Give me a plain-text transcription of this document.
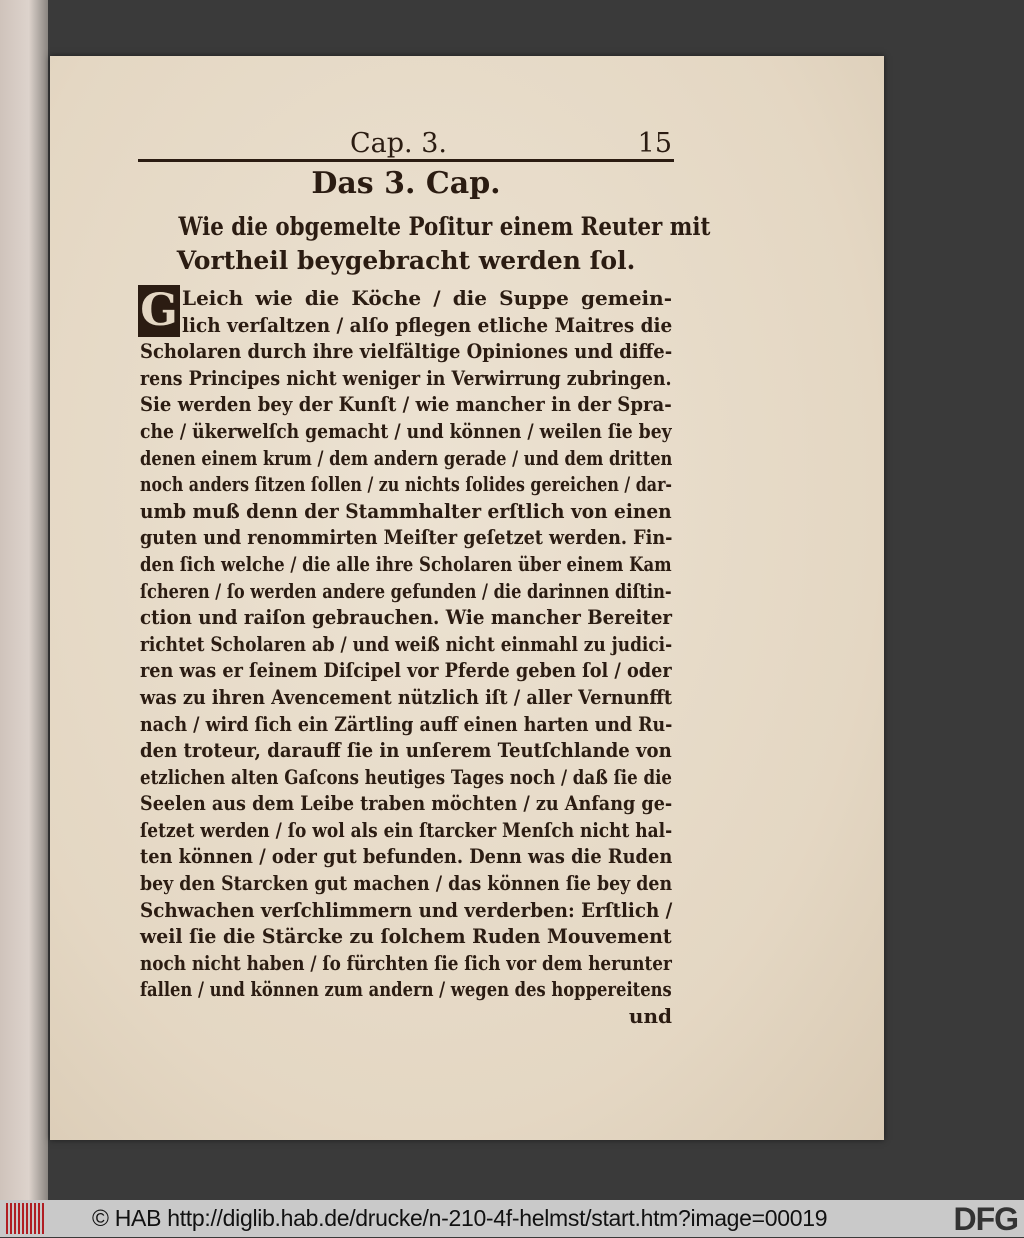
Cap. 3.	15
Das 3. Cap.
Wie die obgemelte Poſitur einem Reuter mit
Vortheil beygebracht werden ſol.
G Leich wie die Köche / die Suppe gemein-
lich verſaltzen / alſo pflegen etliche Maitres die
Scholaren durch ihre vielfältige Opiniones und diffe-
rens Principes nicht weniger in Verwirrung zubringen.
Sie werden bey der Kunſt / wie mancher in der Spra-
che / ükerwelſch gemacht / und können / weilen ſie bey
denen einem krum / dem andern gerade / und dem dritten
noch anders ſitzen ſollen / zu nichts ſolides gereichen / dar-
umb muß denn der Stammhalter erſtlich von einen
guten und renommirten Meiſter geſetzet werden. Fin-
den ſich welche / die alle ihre Scholaren über einem Kam
ſcheren / ſo werden andere gefunden / die darinnen diſtin-
ction und raiſon gebrauchen. Wie mancher Bereiter
richtet Scholaren ab / und weiß nicht einmahl zu judici-
ren was er ſeinem Diſcipel vor Pferde geben ſol / oder
was zu ihren Avencement nützlich iſt / aller Vernunfft
nach / wird ſich ein Zärtling auff einen harten und Ru-
den troteur, darauff ſie in unſerem Teutſchlande von
etzlichen alten Gaſcons heutiges Tages noch / daß ſie die
Seelen aus dem Leibe traben möchten / zu Anfang ge-
ſetzet werden / ſo wol als ein ſtarcker Menſch nicht hal-
ten können / oder gut befunden. Denn was die Ruden
bey den Starcken gut machen / das können ſie bey den
Schwachen verſchlimmern und verderben: Erſtlich /
weil ſie die Stärcke zu ſolchem Ruden Mouvement
noch nicht haben / ſo fürchten ſie ſich vor dem herunter
fallen / und können zum andern / wegen des hoppereitens
und
© HAB http://diglib.hab.de/drucke/n-210-4f-helmst/start.htm?image=00019	DFG
